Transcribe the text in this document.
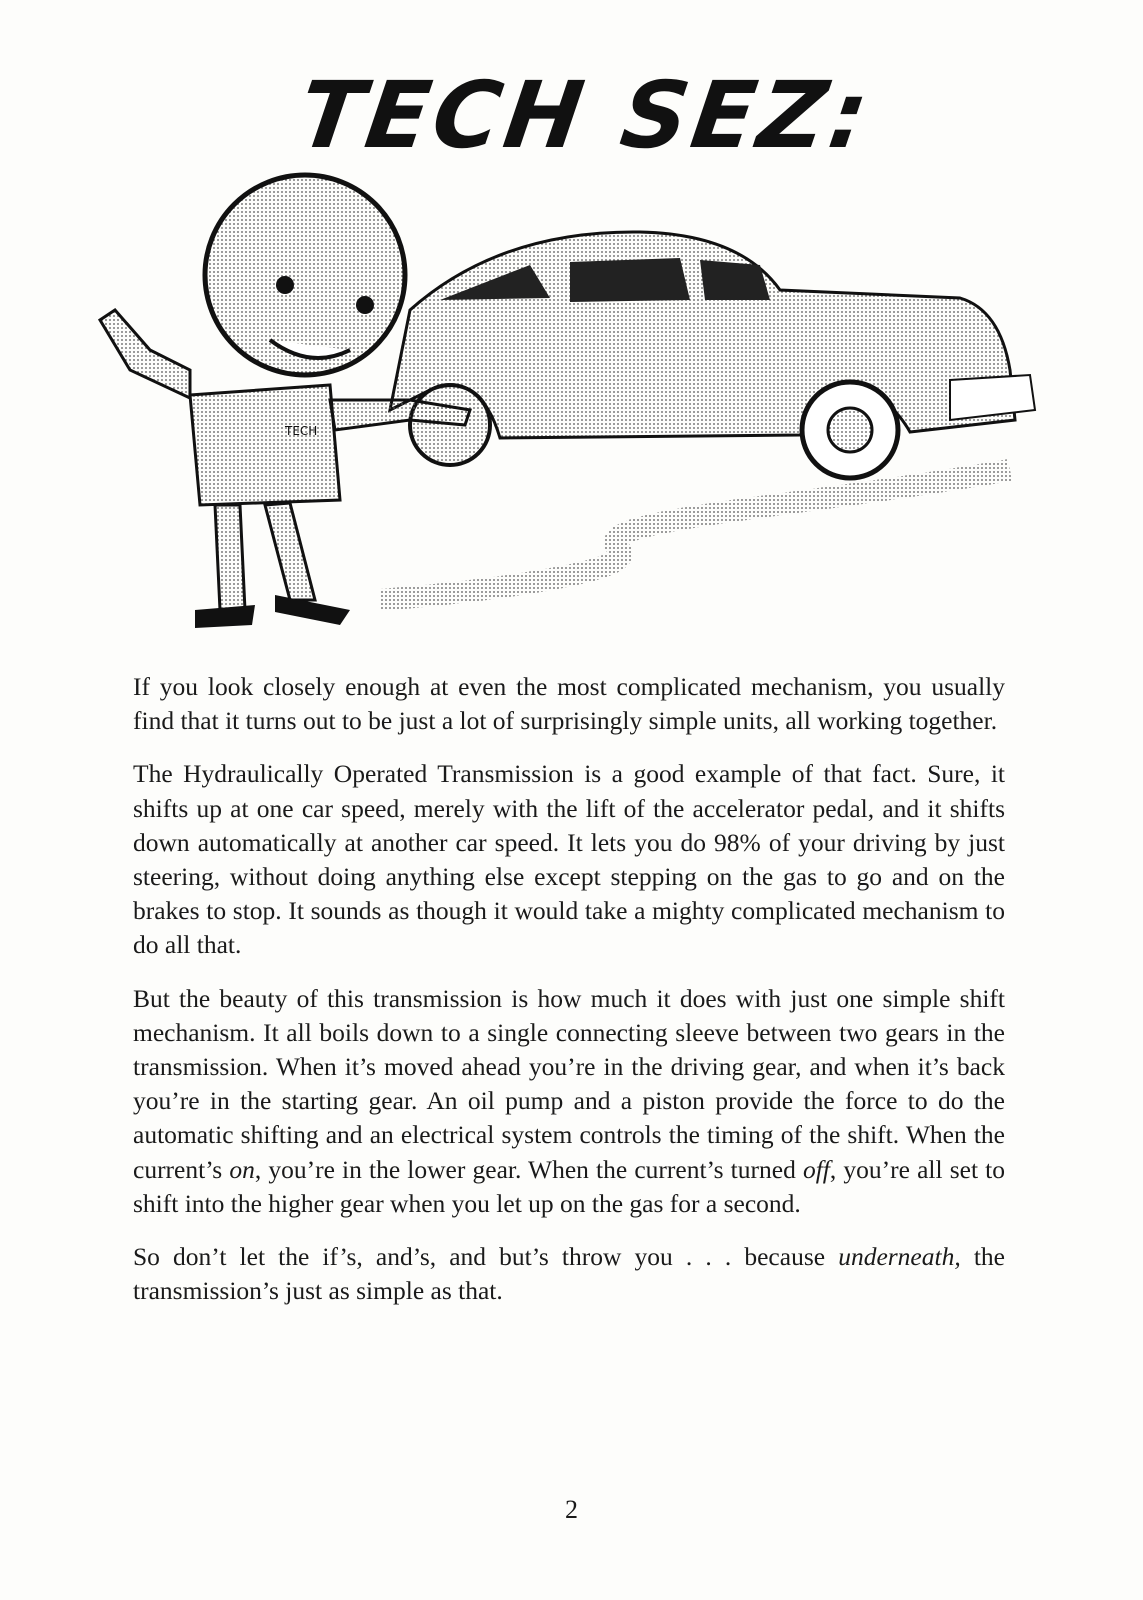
TECH SEZ:
TECH

If you look closely enough at even the most complicated mechanism, you usually find that it turns out to be just a lot of surprisingly simple units, all working together.

The Hydraulically Operated Transmission is a good example of that fact. Sure, it shifts up at one car speed, merely with the lift of the accelerator pedal, and it shifts down automatically at another car speed. It lets you do 98% of your driving by just steering, without doing anything else except stepping on the gas to go and on the brakes to stop. It sounds as though it would take a mighty complicated mechanism to do all that.

But the beauty of this transmission is how much it does with just one simple shift mechanism. It all boils down to a single connecting sleeve between two gears in the transmission. When it’s moved ahead you’re in the driving gear, and when it’s back you’re in the starting gear. An oil pump and a piston provide the force to do the automatic shifting and an electrical system controls the timing of the shift. When the current’s on, you’re in the lower gear. When the current’s turned off, you’re all set to shift into the higher gear when you let up on the gas for a second.

So don’t let the if’s, and’s, and but’s throw you . . . because underneath, the transmission’s just as simple as that.

2
